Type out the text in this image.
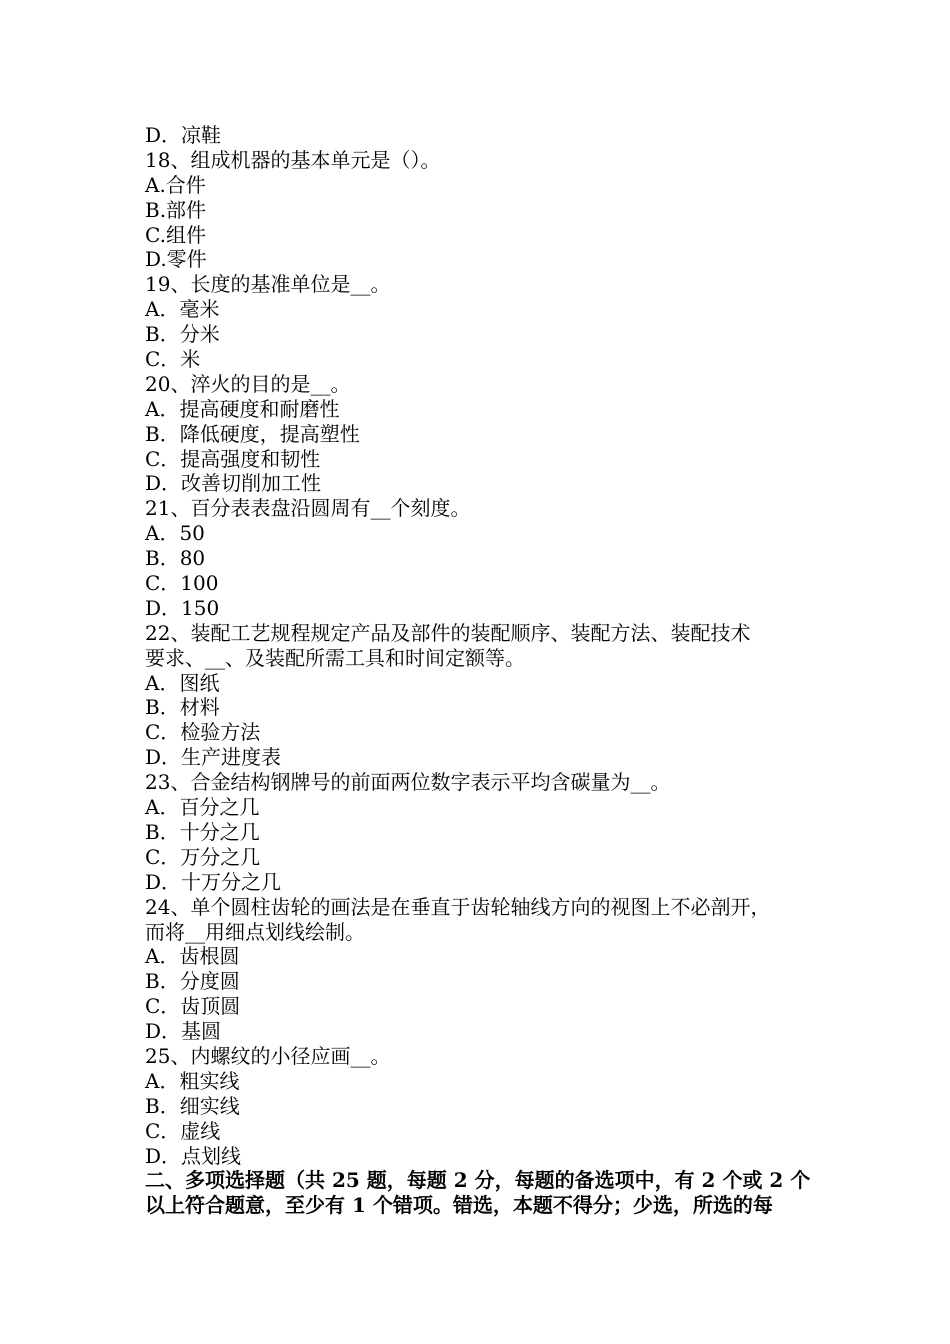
D．凉鞋
18、组成机器的基本单元是（）。
A.合件
B.部件
C.组件
D.零件
19、长度的基准单位是__。
A．毫米
B．分米
C．米
20、淬火的目的是__。
A．提高硬度和耐磨性
B．降低硬度，提高塑性
C．提高强度和韧性
D．改善切削加工性
21、百分表表盘沿圆周有__个刻度。
A．50
B．80
C．100
D．150
22、装配工艺规程规定产品及部件的装配顺序、装配方法、装配技术
要求、__、及装配所需工具和时间定额等。
A．图纸
B．材料
C．检验方法
D．生产进度表
23、合金结构钢牌号的前面两位数字表示平均含碳量为__。
A．百分之几
B．十分之几
C．万分之几
D．十万分之几
24、单个圆柱齿轮的画法是在垂直于齿轮轴线方向的视图上不必剖开，
而将__用细点划线绘制。
A．齿根圆
B．分度圆
C．齿顶圆
D．基圆
25、内螺纹的小径应画__。
A．粗实线
B．细实线
C．虚线
D．点划线
二、多项选择题（共 25 题，每题 2 分，每题的备选项中，有 2 个或 2 个
以上符合题意，至少有 1 个错项。错选，本题不得分；少选，所选的每
